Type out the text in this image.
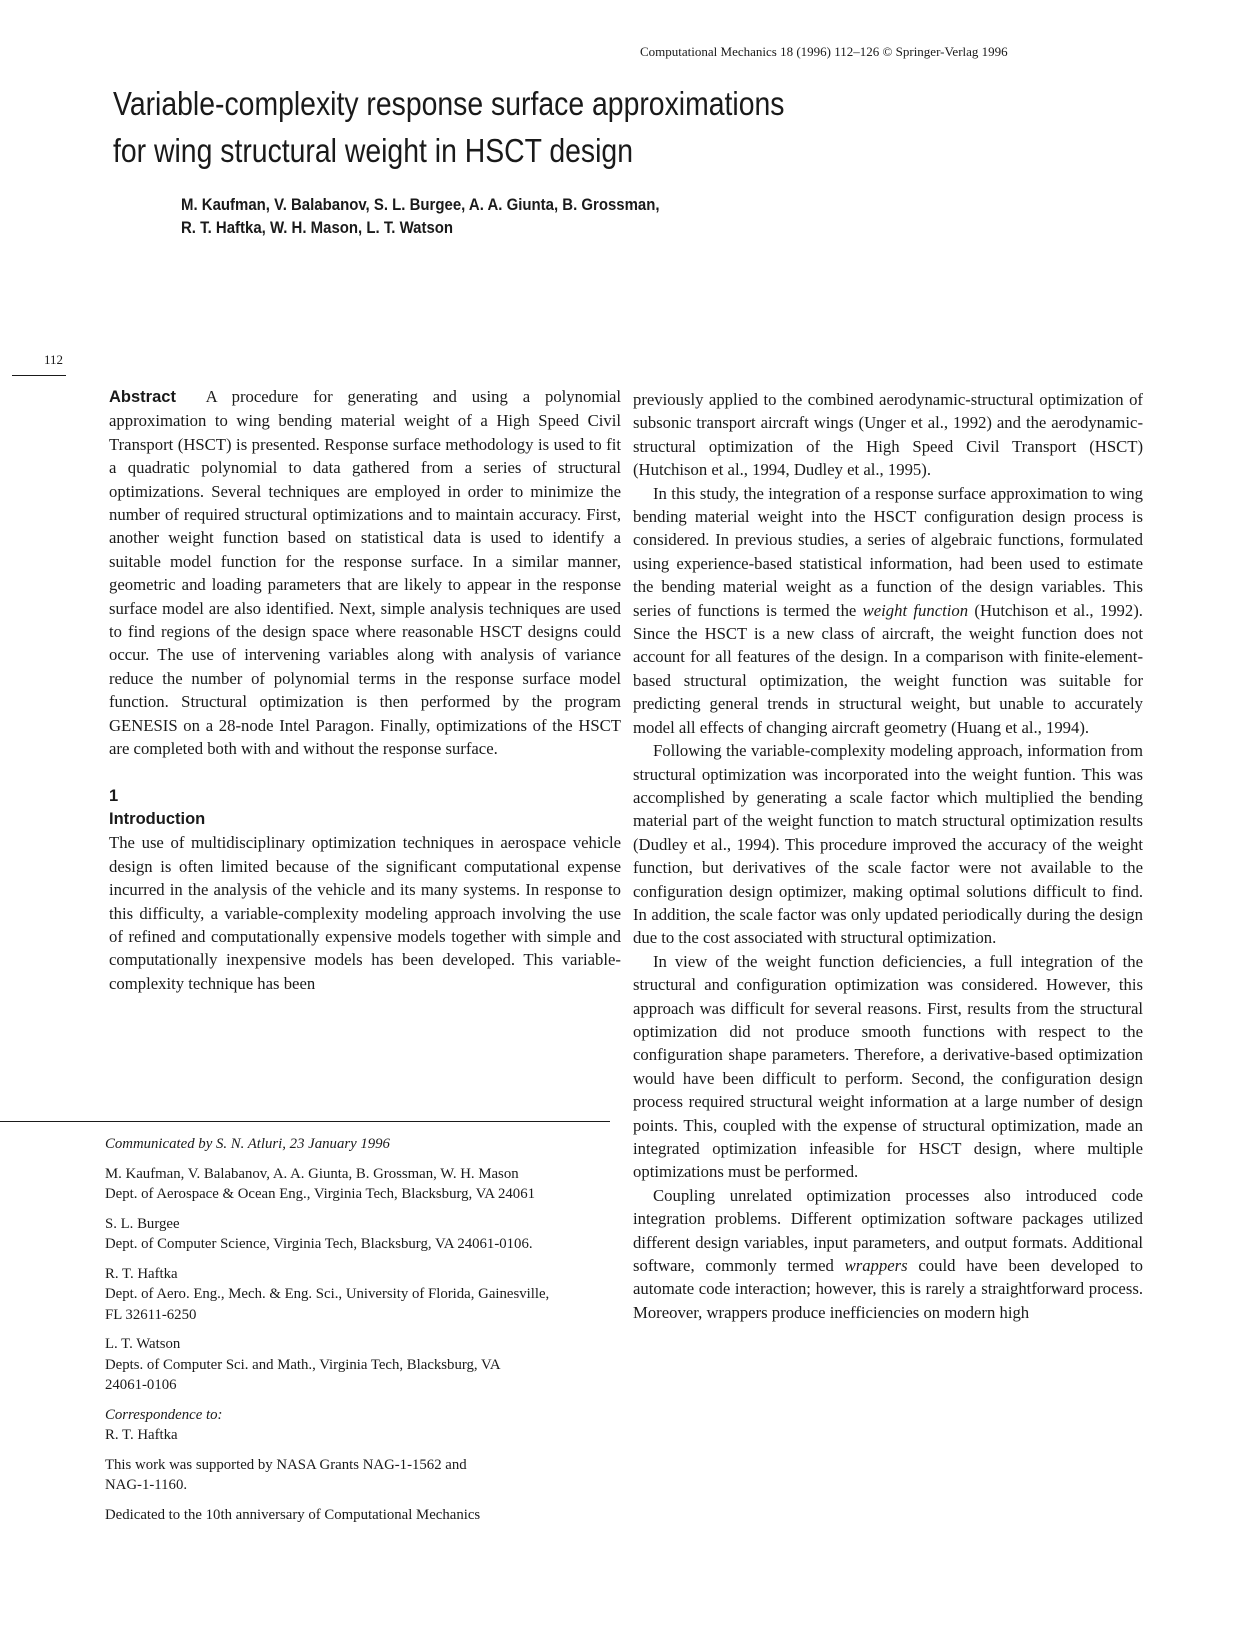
Computational Mechanics 18 (1996) 112–126 © Springer-Verlag 1996
Variable-complexity response surface approximations
for wing structural weight in HSCT design
M. Kaufman, V. Balabanov, S. L. Burgee, A. A. Giunta, B. Grossman,
R. T. Haftka, W. H. Mason, L. T. Watson
112

Abstract A procedure for generating and using a polynomial approximation to wing bending material weight of a High Speed Civil Transport (HSCT) is presented. Response surface methodology is used to fit a quadratic polynomial to data gathered from a series of structural optimizations. Several techniques are employed in order to minimize the number of required structural optimizations and to maintain accuracy. First, another weight function based on statistical data is used to identify a suitable model function for the response surface. In a similar manner, geometric and loading parameters that are likely to appear in the response surface model are also identified. Next, simple analysis techniques are used to find regions of the design space where reasonable HSCT designs could occur. The use of intervening variables along with analysis of variance reduce the number of polynomial terms in the response surface model function. Structural optimization is then performed by the program GENESIS on a 28-node Intel Paragon. Finally, optimizations of the HSCT are completed both with and without the response surface.

1
Introduction

The use of multidisciplinary optimization techniques in aerospace vehicle design is often limited because of the significant computational expense incurred in the analysis of the vehicle and its many systems. In response to this difficulty, a variable-complexity modeling approach involving the use of refined and computationally expensive models together with simple and computationally inexpensive models has been developed. This variable-complexity technique has been

Communicated by S. N. Atluri, 23 January 1996

M. Kaufman, V. Balabanov, A. A. Giunta, B. Grossman, W. H. Mason
Dept. of Aerospace & Ocean Eng., Virginia Tech, Blacksburg, VA 24061

S. L. Burgee
Dept. of Computer Science, Virginia Tech, Blacksburg, VA 24061-0106.

R. T. Haftka
Dept. of Aero. Eng., Mech. & Eng. Sci., University of Florida, Gainesville,
FL 32611-6250

L. T. Watson
Depts. of Computer Sci. and Math., Virginia Tech, Blacksburg, VA
24061-0106

Correspondence to:
R. T. Haftka

This work was supported by NASA Grants NAG-1-1562 and
NAG-1-1160.

Dedicated to the 10th anniversary of Computational Mechanics

previously applied to the combined aerodynamic-structural optimization of subsonic transport aircraft wings (Unger et al., 1992) and the aerodynamic-structural optimization of the High Speed Civil Transport (HSCT) (Hutchison et al., 1994, Dudley et al., 1995).

In this study, the integration of a response surface approximation to wing bending material weight into the HSCT configuration design process is considered. In previous studies, a series of algebraic functions, formulated using experience-based statistical information, had been used to estimate the bending material weight as a function of the design variables. This series of functions is termed the weight function (Hutchison et al., 1992). Since the HSCT is a new class of aircraft, the weight function does not account for all features of the design. In a comparison with finite-element-based structural optimization, the weight function was suitable for predicting general trends in structural weight, but unable to accurately model all effects of changing aircraft geometry (Huang et al., 1994).

Following the variable-complexity modeling approach, information from structural optimization was incorporated into the weight funtion. This was accomplished by generating a scale factor which multiplied the bending material part of the weight function to match structural optimization results (Dudley et al., 1994). This procedure improved the accuracy of the weight function, but derivatives of the scale factor were not available to the configuration design optimizer, making optimal solutions difficult to find. In addition, the scale factor was only updated periodically during the design due to the cost associated with structural optimization.

In view of the weight function deficiencies, a full integration of the structural and configuration optimization was considered. However, this approach was difficult for several reasons. First, results from the structural optimization did not produce smooth functions with respect to the configuration shape parameters. Therefore, a derivative-based optimization would have been difficult to perform. Second, the configuration design process required structural weight information at a large number of design points. This, coupled with the expense of structural optimization, made an integrated optimization infeasible for HSCT design, where multiple optimizations must be performed.

Coupling unrelated optimization processes also introduced code integration problems. Different optimization software packages utilized different design variables, input parameters, and output formats. Additional software, commonly termed wrappers could have been developed to automate code interaction; however, this is rarely a straightforward process. Moreover, wrappers produce inefficiencies on modern high
